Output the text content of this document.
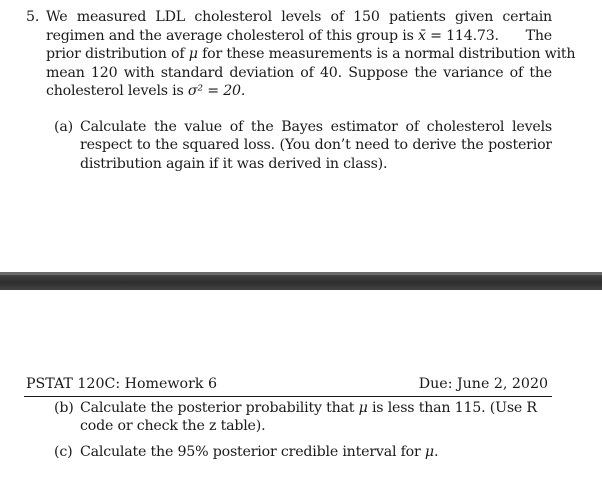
5. We measured LDL cholesterol levels of 150 patients given certain
regimen and the average cholesterol of this group is x̄ = 114.73. The
prior distribution of μ for these measurements is a normal distribution with
mean 120 with standard deviation of 40. Suppose the variance of the
cholesterol levels is σ² = 20.
(a) Calculate the value of the Bayes estimator of cholesterol levels
respect to the squared loss. (You don’t need to derive the posterior
distribution again if it was derived in class).
PSTAT 120C: Homework 6	Due: June 2, 2020
(b) Calculate the posterior probability that μ is less than 115. (Use R
code or check the z table).
(c) Calculate the 95% posterior credible interval for μ.
